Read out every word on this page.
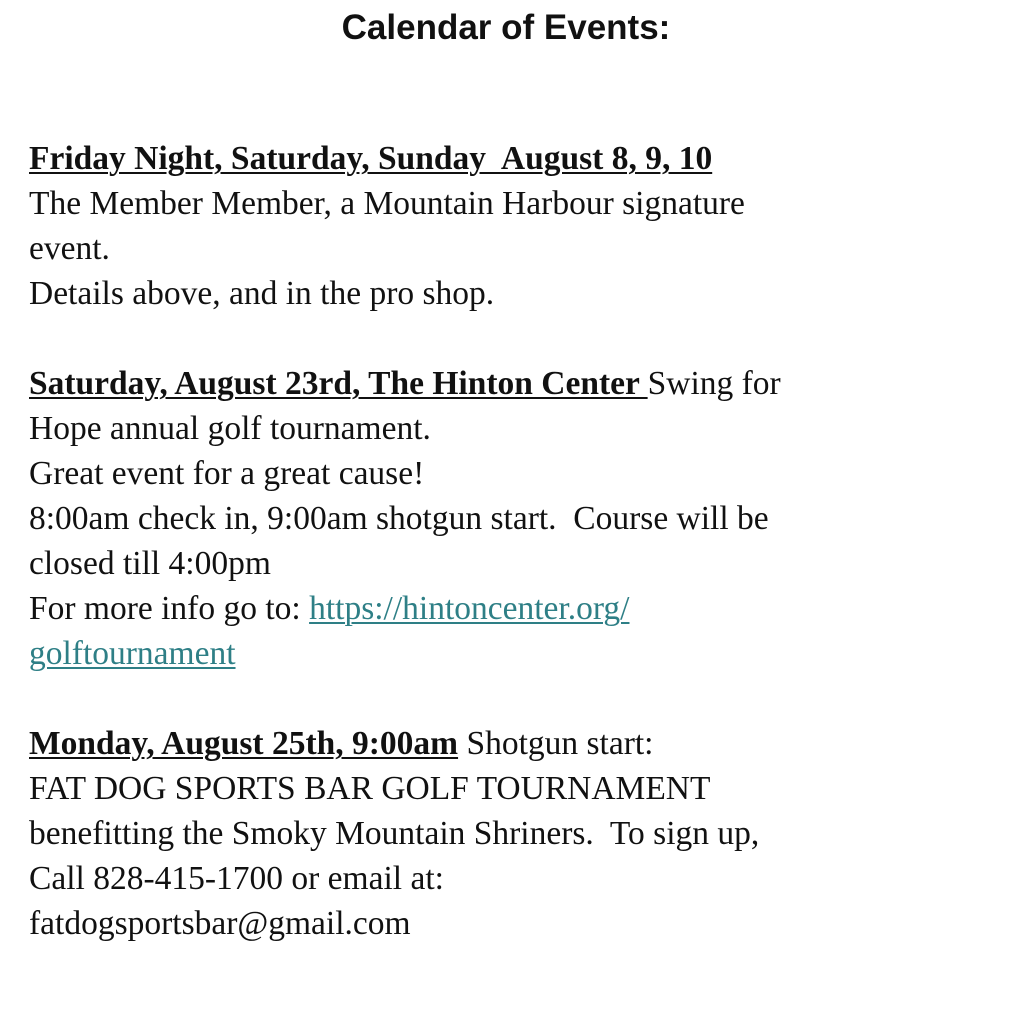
Calendar of Events:
Friday Night, Saturday, Sunday  August 8, 9, 10
The Member Member, a Mountain Harbour signature
event.
Details above, and in the pro shop.
Saturday, August 23rd, The Hinton Center Swing for
Hope annual golf tournament.
Great event for a great cause!
8:00am check in, 9:00am shotgun start.  Course will be
closed till 4:00pm
For more info go to: https://hintoncenter.org/
golftournament
Monday, August 25th, 9:00am Shotgun start:
FAT DOG SPORTS BAR GOLF TOURNAMENT
benefitting the Smoky Mountain Shriners.  To sign up,
Call 828-415-1700 or email at:
fatdogsportsbar@gmail.com
